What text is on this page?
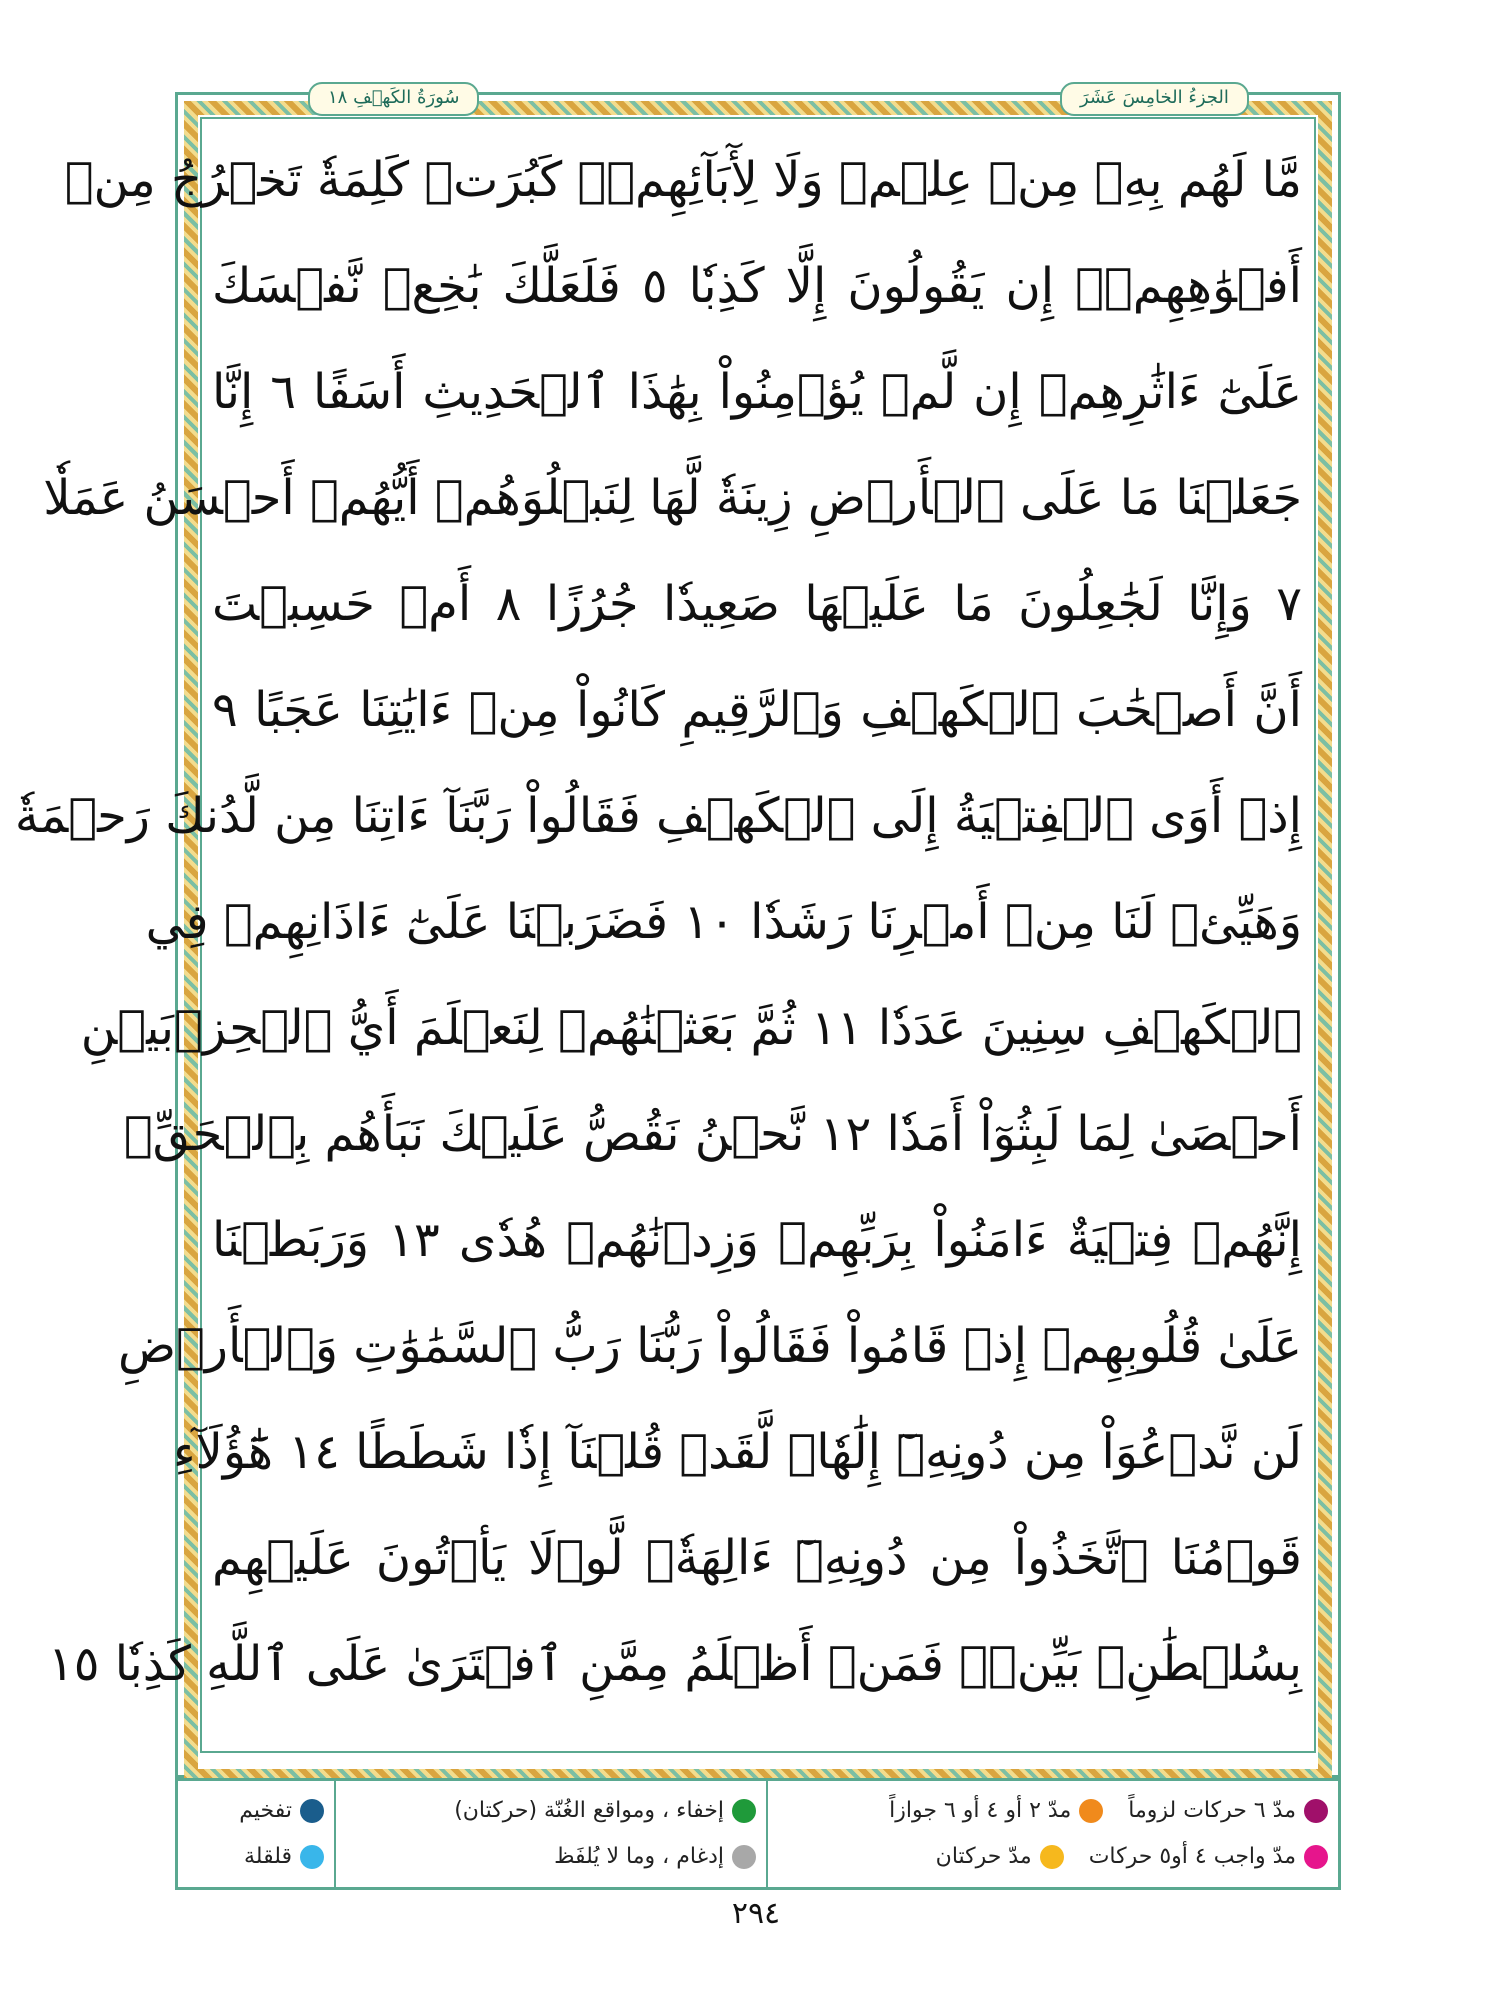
سُورَةُ الكَهۡفِ ١٨	الجزءُ الخامِسَ عَشَرَ
مَّا لَهُم بِهِۦ مِنۡ عِلۡمٖ وَلَا لِأٓبَآئِهِمۡۚ كَبُرَتۡ كَلِمَةٗ تَخۡرُجُ مِنۡ
أَفۡوَٰهِهِمۡۚ إِن يَقُولُونَ إِلَّا كَذِبٗا ٥ فَلَعَلَّكَ بَٰخِعٞ نَّفۡسَكَ
عَلَىٰٓ ءَاثَٰرِهِمۡ إِن لَّمۡ يُؤۡمِنُواْ بِهَٰذَا ٱلۡحَدِيثِ أَسَفًا ٦ إِنَّا
جَعَلۡنَا مَا عَلَى ٱلۡأَرۡضِ زِينَةٗ لَّهَا لِنَبۡلُوَهُمۡ أَيُّهُمۡ أَحۡسَنُ عَمَلٗا
٧ وَإِنَّا لَجَٰعِلُونَ مَا عَلَيۡهَا صَعِيدٗا جُرُزًا ٨ أَمۡ حَسِبۡتَ
أَنَّ أَصۡحَٰبَ ٱلۡكَهۡفِ وَٱلرَّقِيمِ كَانُواْ مِنۡ ءَايَٰتِنَا عَجَبًا ٩
إِذۡ أَوَى ٱلۡفِتۡيَةُ إِلَى ٱلۡكَهۡفِ فَقَالُواْ رَبَّنَآ ءَاتِنَا مِن لَّدُنكَ رَحۡمَةٗ
وَهَيِّئۡ لَنَا مِنۡ أَمۡرِنَا رَشَدٗا ١٠ فَضَرَبۡنَا عَلَىٰٓ ءَاذَانِهِمۡ فِي
ٱلۡكَهۡفِ سِنِينَ عَدَدٗا ١١ ثُمَّ بَعَثۡنَٰهُمۡ لِنَعۡلَمَ أَيُّ ٱلۡحِزۡبَيۡنِ
أَحۡصَىٰ لِمَا لَبِثُوٓاْ أَمَدٗا ١٢ نَّحۡنُ نَقُصُّ عَلَيۡكَ نَبَأَهُم بِٱلۡحَقِّۚ
إِنَّهُمۡ فِتۡيَةٌ ءَامَنُواْ بِرَبِّهِمۡ وَزِدۡنَٰهُمۡ هُدٗى ١٣ وَرَبَطۡنَا
عَلَىٰ قُلُوبِهِمۡ إِذۡ قَامُواْ فَقَالُواْ رَبُّنَا رَبُّ ٱلسَّمَٰوَٰتِ وَٱلۡأَرۡضِ
لَن نَّدۡعُوَاْ مِن دُونِهِۦٓ إِلَٰهٗاۖ لَّقَدۡ قُلۡنَآ إِذٗا شَطَطًا ١٤ هَٰٓؤُلَآءِ
قَوۡمُنَا ٱتَّخَذُواْ مِن دُونِهِۦٓ ءَالِهَةٗۖ لَّوۡلَا يَأۡتُونَ عَلَيۡهِم
بِسُلۡطَٰنِۭ بَيِّنٖۖ فَمَنۡ أَظۡلَمُ مِمَّنِ ٱفۡتَرَىٰ عَلَى ٱللَّهِ كَذِبٗا ١٥
مدّ ٦ حركات لزوماً مدّ ٢ أو ٤ أو ٦ جوازاً
مدّ واجب ٤ أو٥ حركات مدّ حركتان
إخفاء ، ومواقع الغُنّة (حركتان)
إدغام ، وما لا يُلفَظ
تفخيم
قلقلة
٢٩٤
